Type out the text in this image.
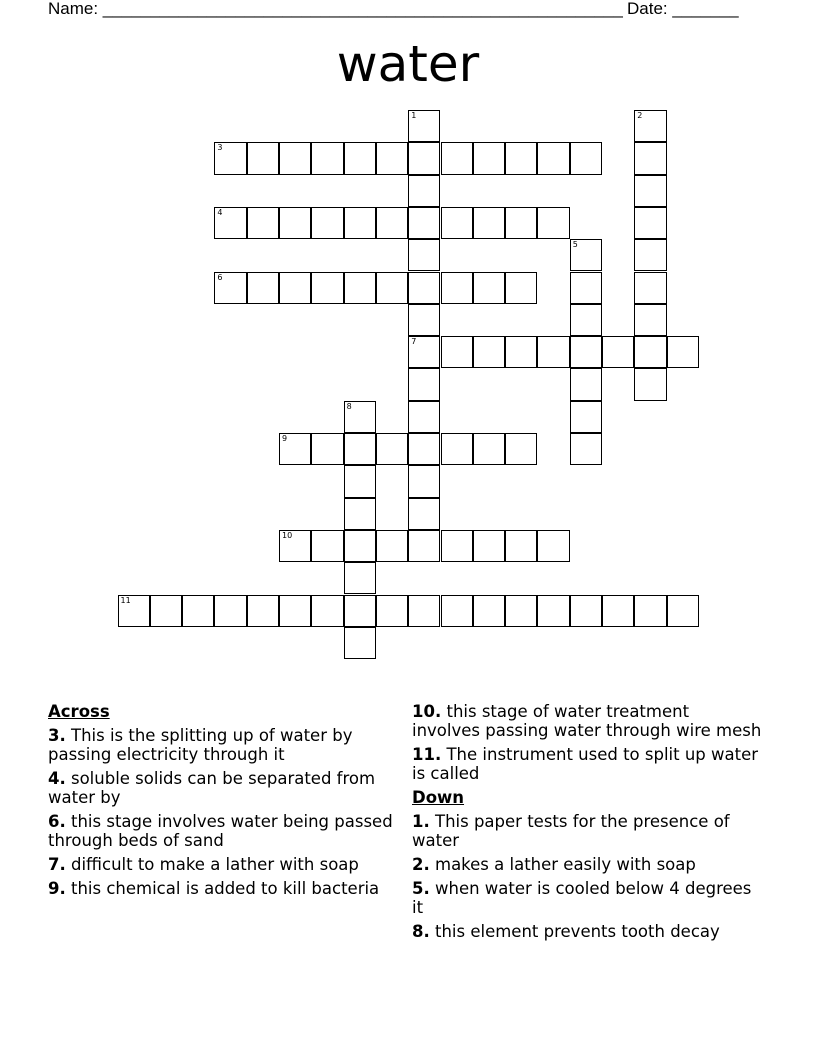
Name: _______________________________________________________ Date: _______
water
1	2
3
4
5
6
7
8
9
10
11
Across
3. This is the splitting up of water by passing electricity through it
4. soluble solids can be separated from water by
6. this stage involves water being passed through beds of sand
7. difficult to make a lather with soap
9. this chemical is added to kill bacteria
10. this stage of water treatment involves passing water through wire mesh
11. The instrument used to split up water is called
Down
1. This paper tests for the presence of water
2. makes a lather easily with soap
5. when water is cooled below 4 degrees it
8. this element prevents tooth decay
